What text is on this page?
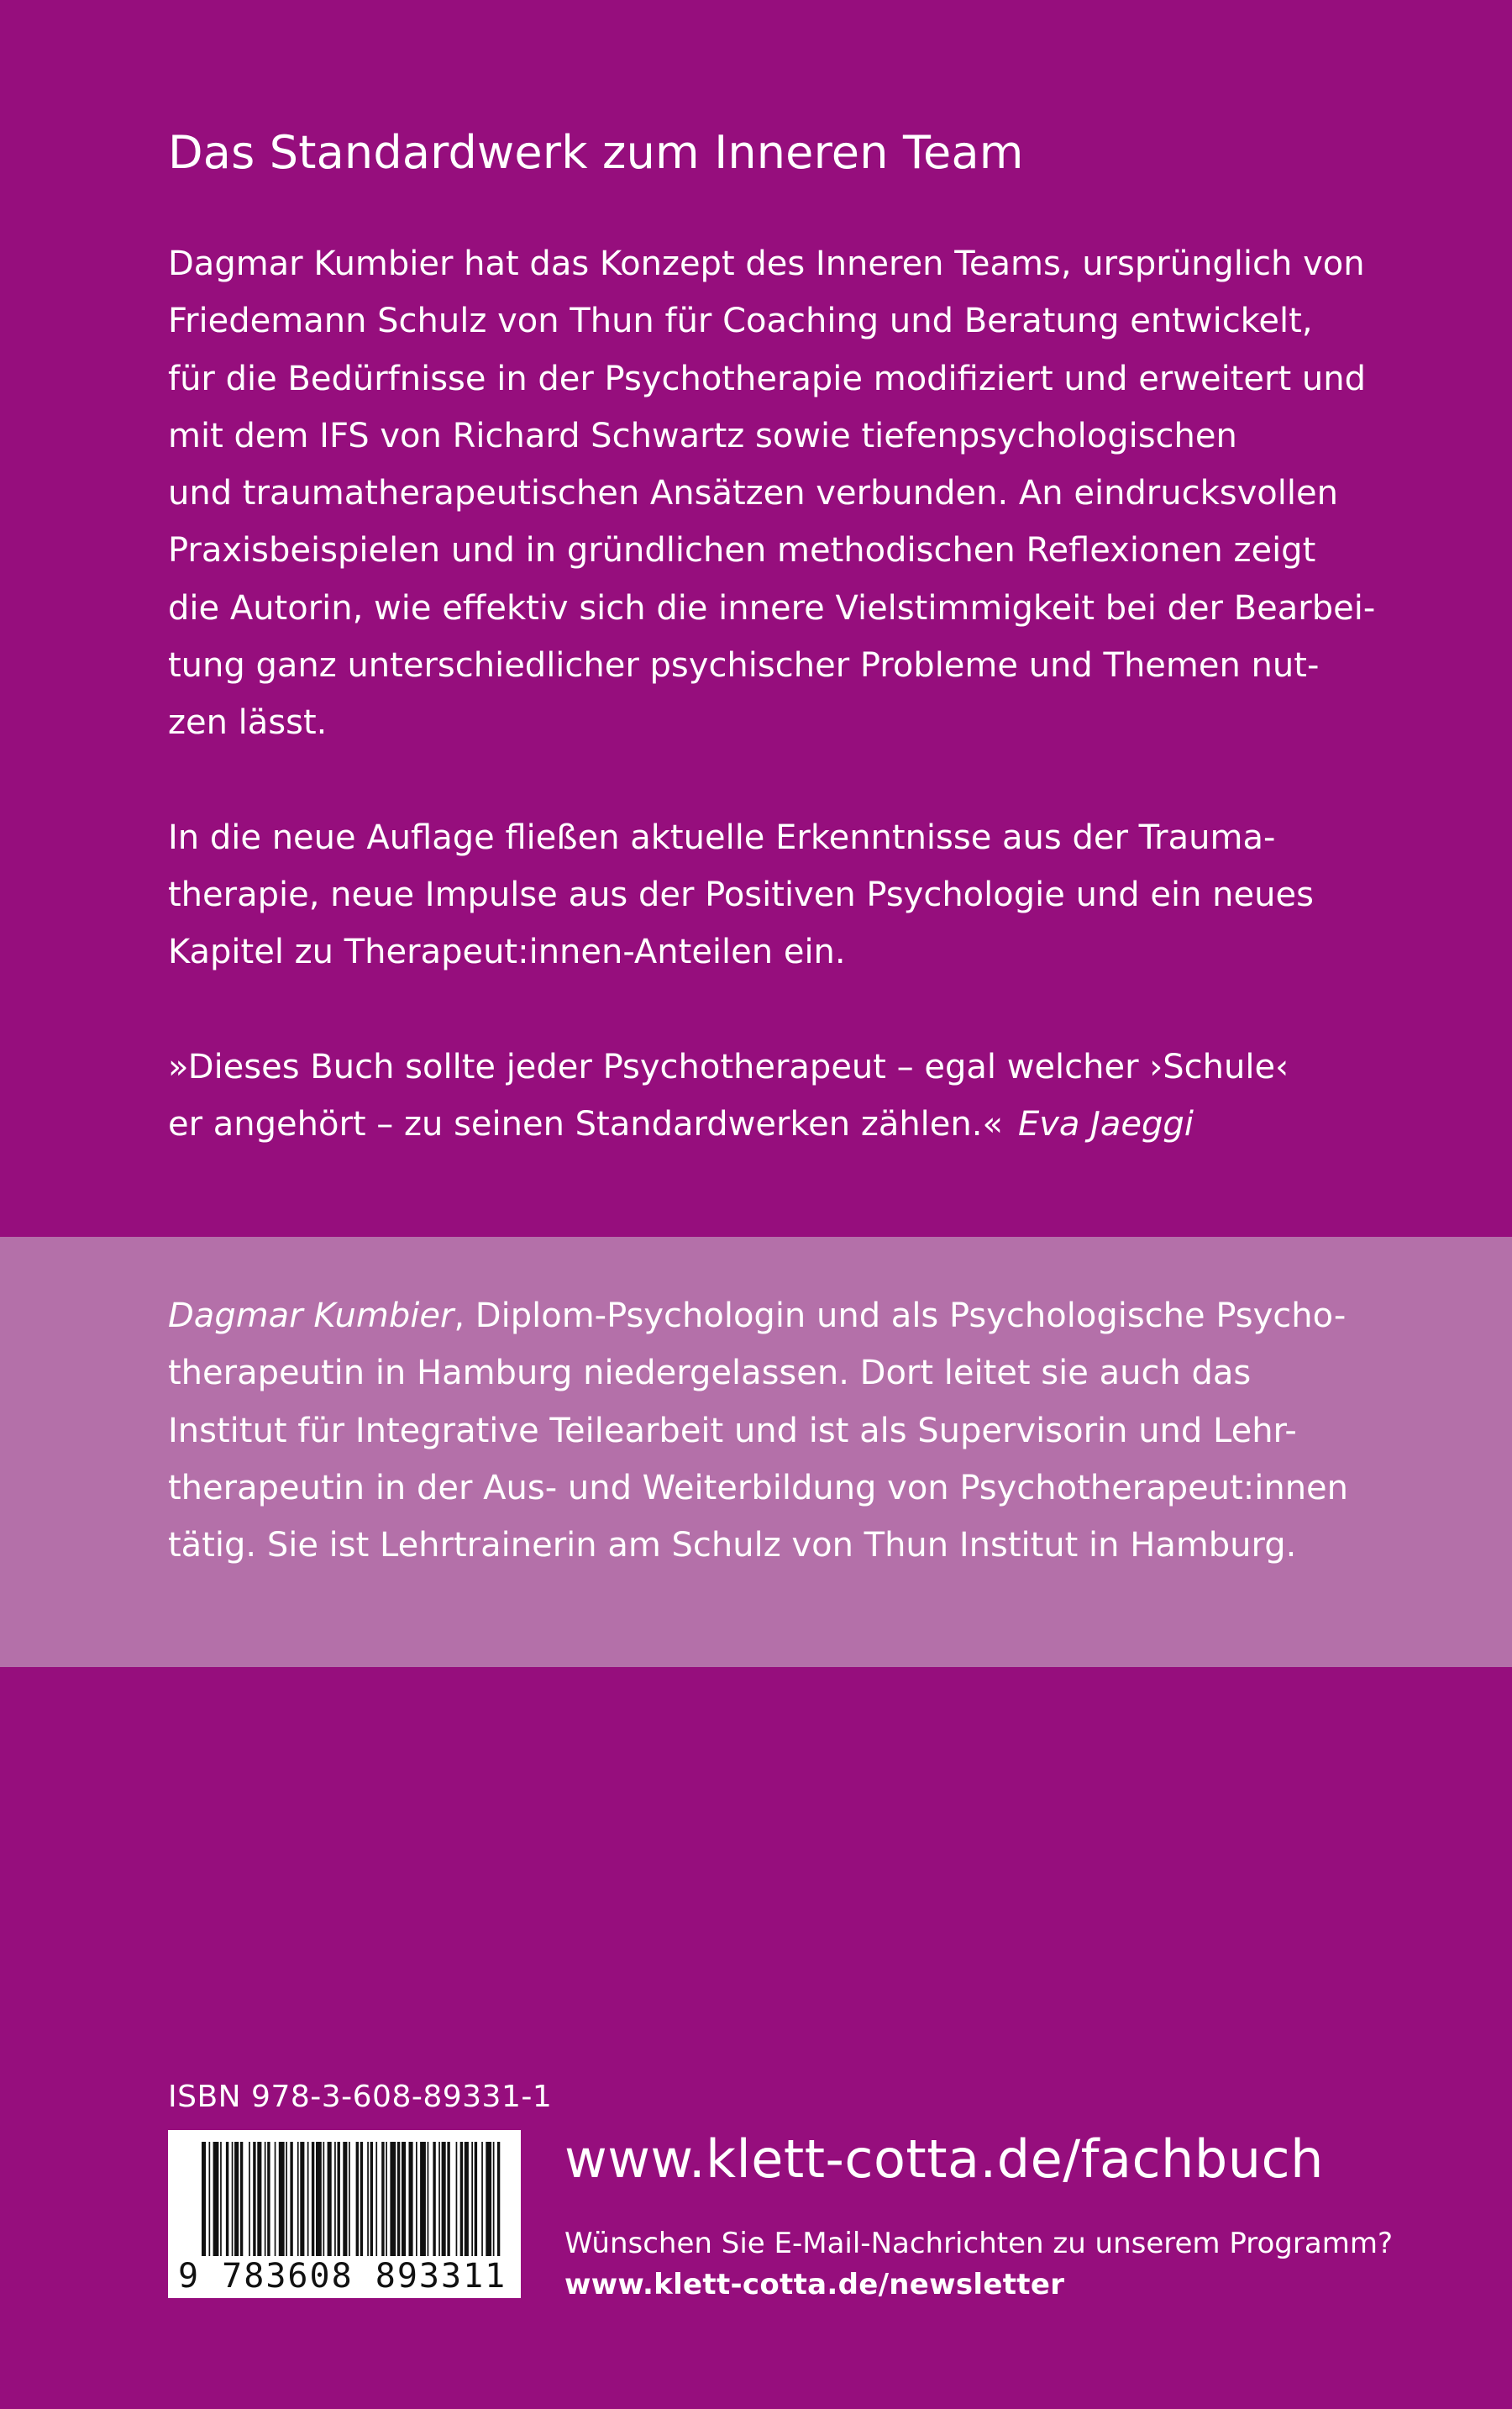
Das Standardwerk zum Inneren Team

Dagmar Kumbier hat das Konzept des Inneren Teams, ursprünglich von
Friedemann Schulz von Thun für Coaching und Beratung entwickelt,
für die Bedürfnisse in der Psychotherapie modifiziert und erweitert und
mit dem IFS von Richard Schwartz sowie tiefenpsychologischen
und traumatherapeutischen Ansätzen verbunden. An eindrucksvollen
Praxisbeispielen und in gründlichen methodischen Reflexionen zeigt
die Autorin, wie effektiv sich die innere Vielstimmigkeit bei der Bearbei-
tung ganz unterschiedlicher psychischer Probleme und Themen nut-
zen lässt.

In die neue Auflage fließen aktuelle Erkenntnisse aus der Trauma-
therapie, neue Impulse aus der Positiven Psychologie und ein neues
Kapitel zu Therapeut:innen-Anteilen ein.

»Dieses Buch sollte jeder Psychotherapeut – egal welcher ›Schule‹
er angehört – zu seinen Standardwerken zählen.« Eva Jaeggi

Dagmar Kumbier, Diplom-Psychologin und als Psychologische Psycho-
therapeutin in Hamburg niedergelassen. Dort leitet sie auch das
Institut für Integrative Teilearbeit und ist als Supervisorin und Lehr-
therapeutin in der Aus- und Weiterbildung von Psychotherapeut:innen
tätig. Sie ist Lehrtrainerin am Schulz von Thun Institut in Hamburg.

ISBN 978-3-608-89331-1
9 783608 893311
www.klett-cotta.de/fachbuch
Wünschen Sie E-Mail-Nachrichten zu unserem Programm?
www.klett-cotta.de/newsletter
